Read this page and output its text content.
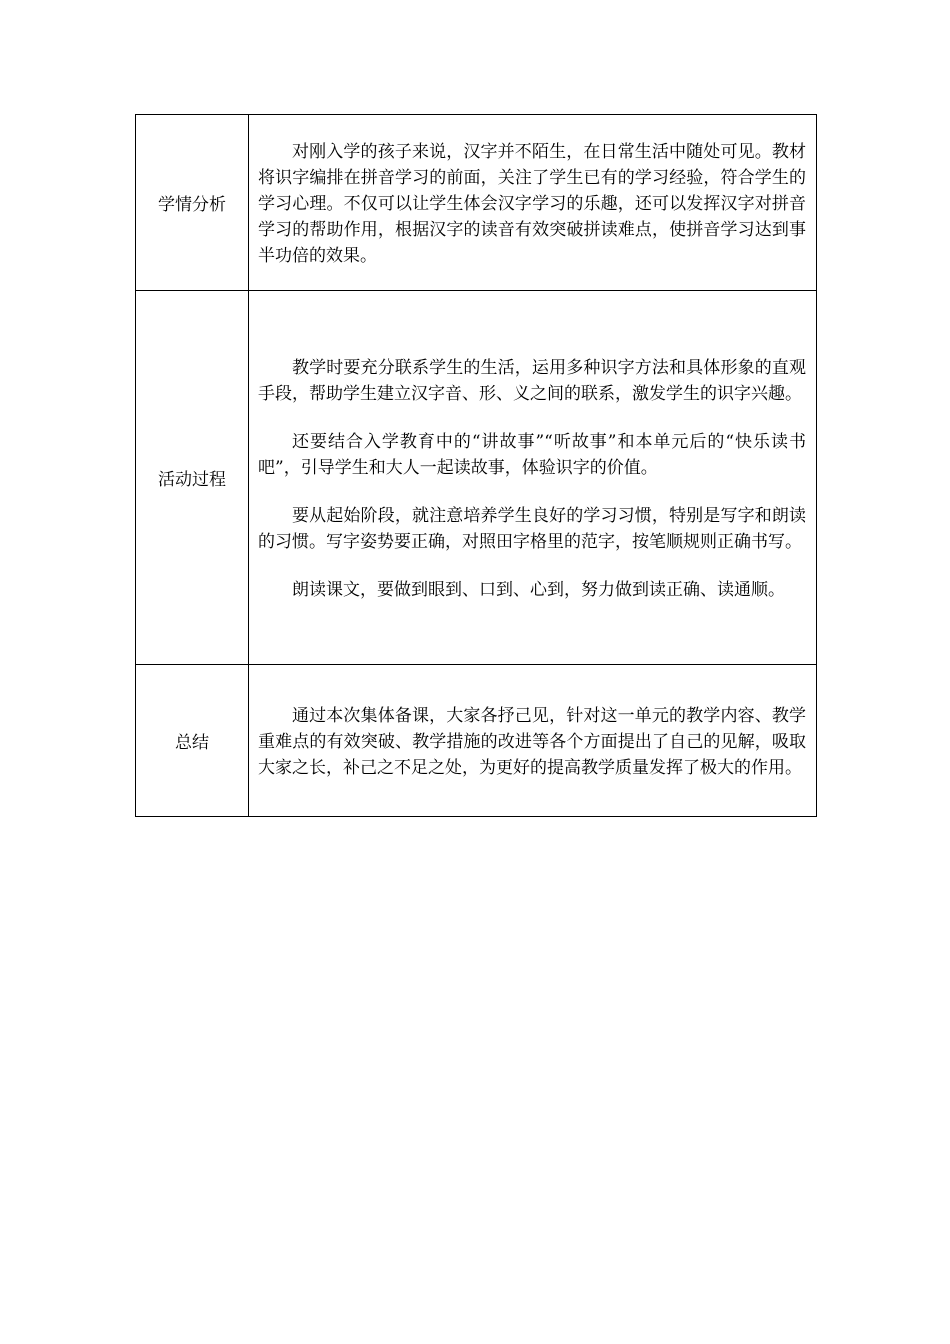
学情分析	对刚入学的孩子来说，汉字并不陌生，在日常生活中随处可见。教材将识字编排在拼音学习的前面，关注了学生已有的学习经验，符合学生的学习心理。不仅可以让学生体会汉字学习的乐趣，还可以发挥汉字对拼音学习的帮助作用，根据汉字的读音有效突破拼读难点，使拼音学习达到事半功倍的效果。

活动过程	教学时要充分联系学生的生活，运用多种识字方法和具体形象的直观手段，帮助学生建立汉字音、形、义之间的联系，激发学生的识字兴趣。

还要结合入学教育中的“讲故事”“听故事”和本单元后的“快乐读书吧”，引导学生和大人一起读故事，体验识字的价值。

要从起始阶段，就注意培养学生良好的学习习惯，特别是写字和朗读的习惯。写字姿势要正确，对照田字格里的范字，按笔顺规则正确书写。

朗读课文，要做到眼到、口到、心到，努力做到读正确、读通顺。

总结	通过本次集体备课，大家各抒己见，针对这一单元的教学内容、教学重难点的有效突破、教学措施的改进等各个方面提出了自己的见解，吸取大家之长，补己之不足之处，为更好的提高教学质量发挥了极大的作用。
